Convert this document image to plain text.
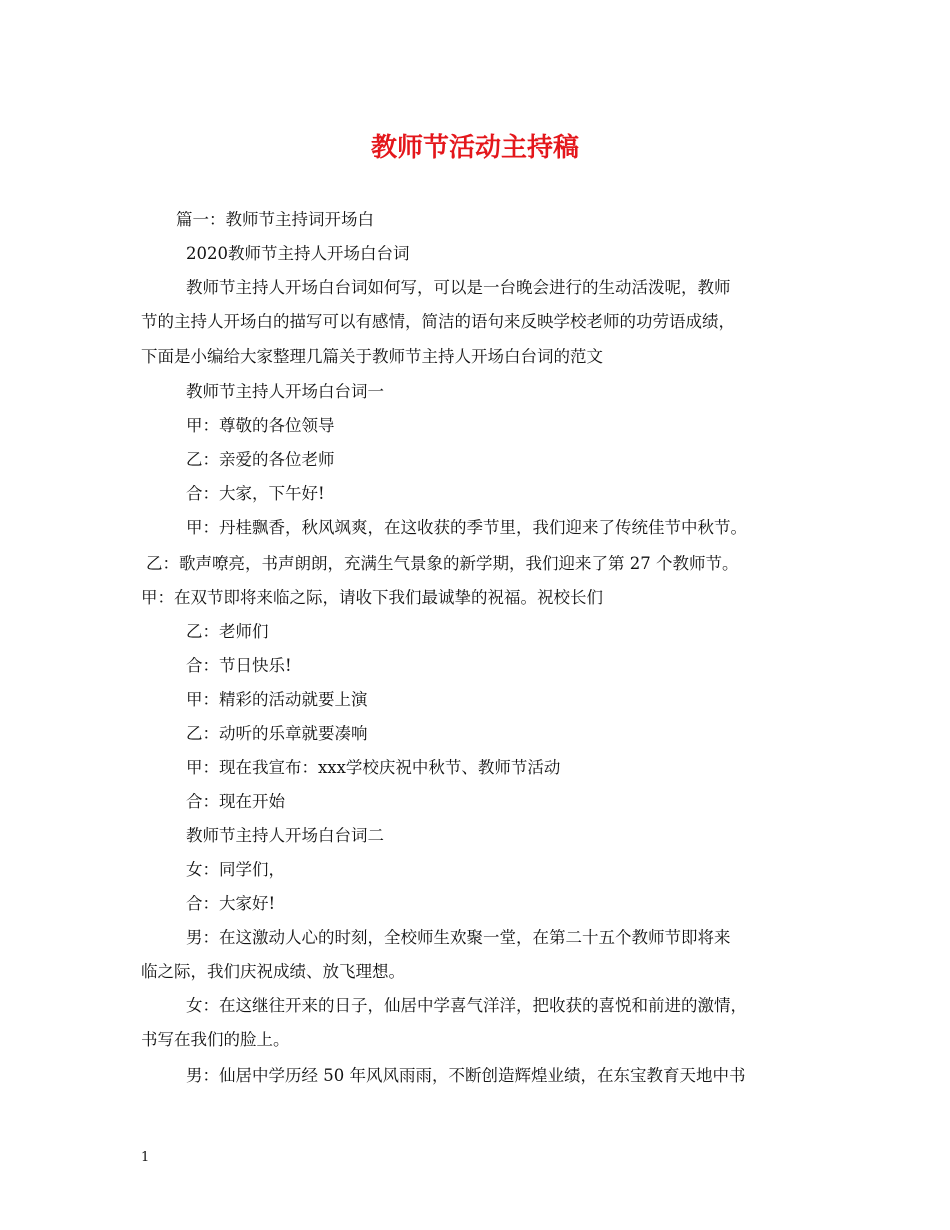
教师节活动主持稿
篇一：教师节主持词开场白
2020教师节主持人开场白台词
教师节主持人开场白台词如何写，可以是一台晚会进行的生动活泼呢，教师
节的主持人开场白的描写可以有感情，简洁的语句来反映学校老师的功劳语成绩，
下面是小编给大家整理几篇关于教师节主持人开场白台词的范文
教师节主持人开场白台词一
甲：尊敬的各位领导
乙：亲爱的各位老师
合：大家，下午好!
甲：丹桂飘香，秋风飒爽，在这收获的季节里，我们迎来了传统佳节中秋节。
乙：歌声嘹亮，书声朗朗，充满生气景象的新学期，我们迎来了第 27 个教师节。
甲：在双节即将来临之际，请收下我们最诚挚的祝福。祝校长们
乙：老师们
合：节日快乐!
甲：精彩的活动就要上演
乙：动听的乐章就要凑响
甲：现在我宣布：xxx学校庆祝中秋节、教师节活动
合：现在开始
教师节主持人开场白台词二
女：同学们，
合：大家好!
男：在这激动人心的时刻，全校师生欢聚一堂，在第二十五个教师节即将来
临之际，我们庆祝成绩、放飞理想。
女：在这继往开来的日子，仙居中学喜气洋洋，把收获的喜悦和前进的激情，
书写在我们的脸上。
男：仙居中学历经 50 年风风雨雨，不断创造辉煌业绩，在东宝教育天地中书
1
